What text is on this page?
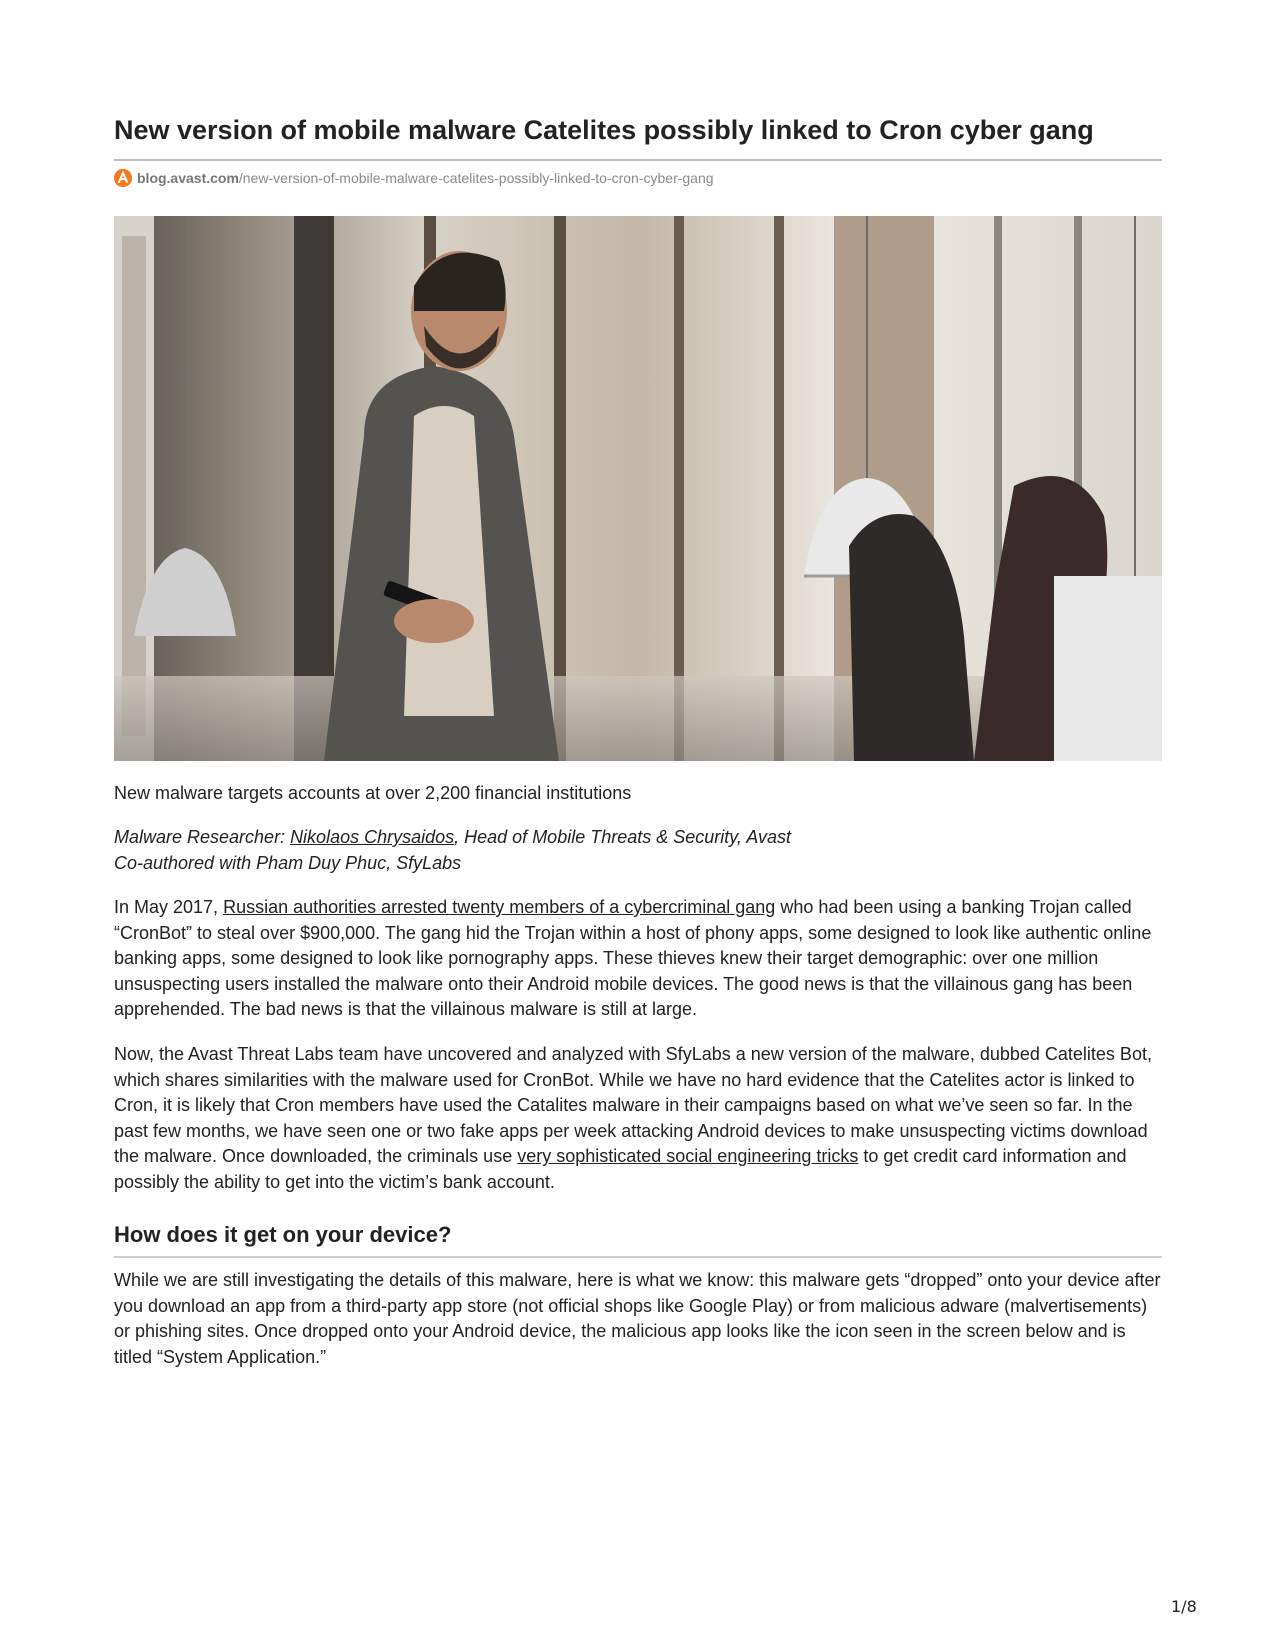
New version of mobile malware Catelites possibly linked to Cron cyber gang
blog.avast.com /new-version-of-mobile-malware-catelites-possibly-linked-to-cron-cyber-gang

New malware targets accounts at over 2,200 financial institutions

Malware Researcher: Nikolaos Chrysaidos, Head of Mobile Threats & Security, Avast
Co-authored with Pham Duy Phuc, SfyLabs

In May 2017, Russian authorities arrested twenty members of a cybercriminal gang who had been using a banking Trojan called “CronBot” to steal over $900,000. The gang hid the Trojan within a host of phony apps, some designed to look like authentic online banking apps, some designed to look like pornography apps. These thieves knew their target demographic: over one million unsuspecting users installed the malware onto their Android mobile devices. The good news is that the villainous gang has been apprehended. The bad news is that the villainous malware is still at large.

Now, the Avast Threat Labs team have uncovered and analyzed with SfyLabs a new version of the malware, dubbed Catelites Bot, which shares similarities with the malware used for CronBot. While we have no hard evidence that the Catelites actor is linked to Cron, it is likely that Cron members have used the Catalites malware in their campaigns based on what we’ve seen so far. In the past few months, we have seen one or two fake apps per week attacking Android devices to make unsuspecting victims download the malware. Once downloaded, the criminals use very sophisticated social engineering tricks to get credit card information and possibly the ability to get into the victim’s bank account.

How does it get on your device?

While we are still investigating the details of this malware, here is what we know: this malware gets “dropped” onto your device after you download an app from a third-party app store (not official shops like Google Play) or from malicious adware (malvertisements) or phishing sites. Once dropped onto your Android device, the malicious app looks like the icon seen in the screen below and is titled “System Application.”

1/8
